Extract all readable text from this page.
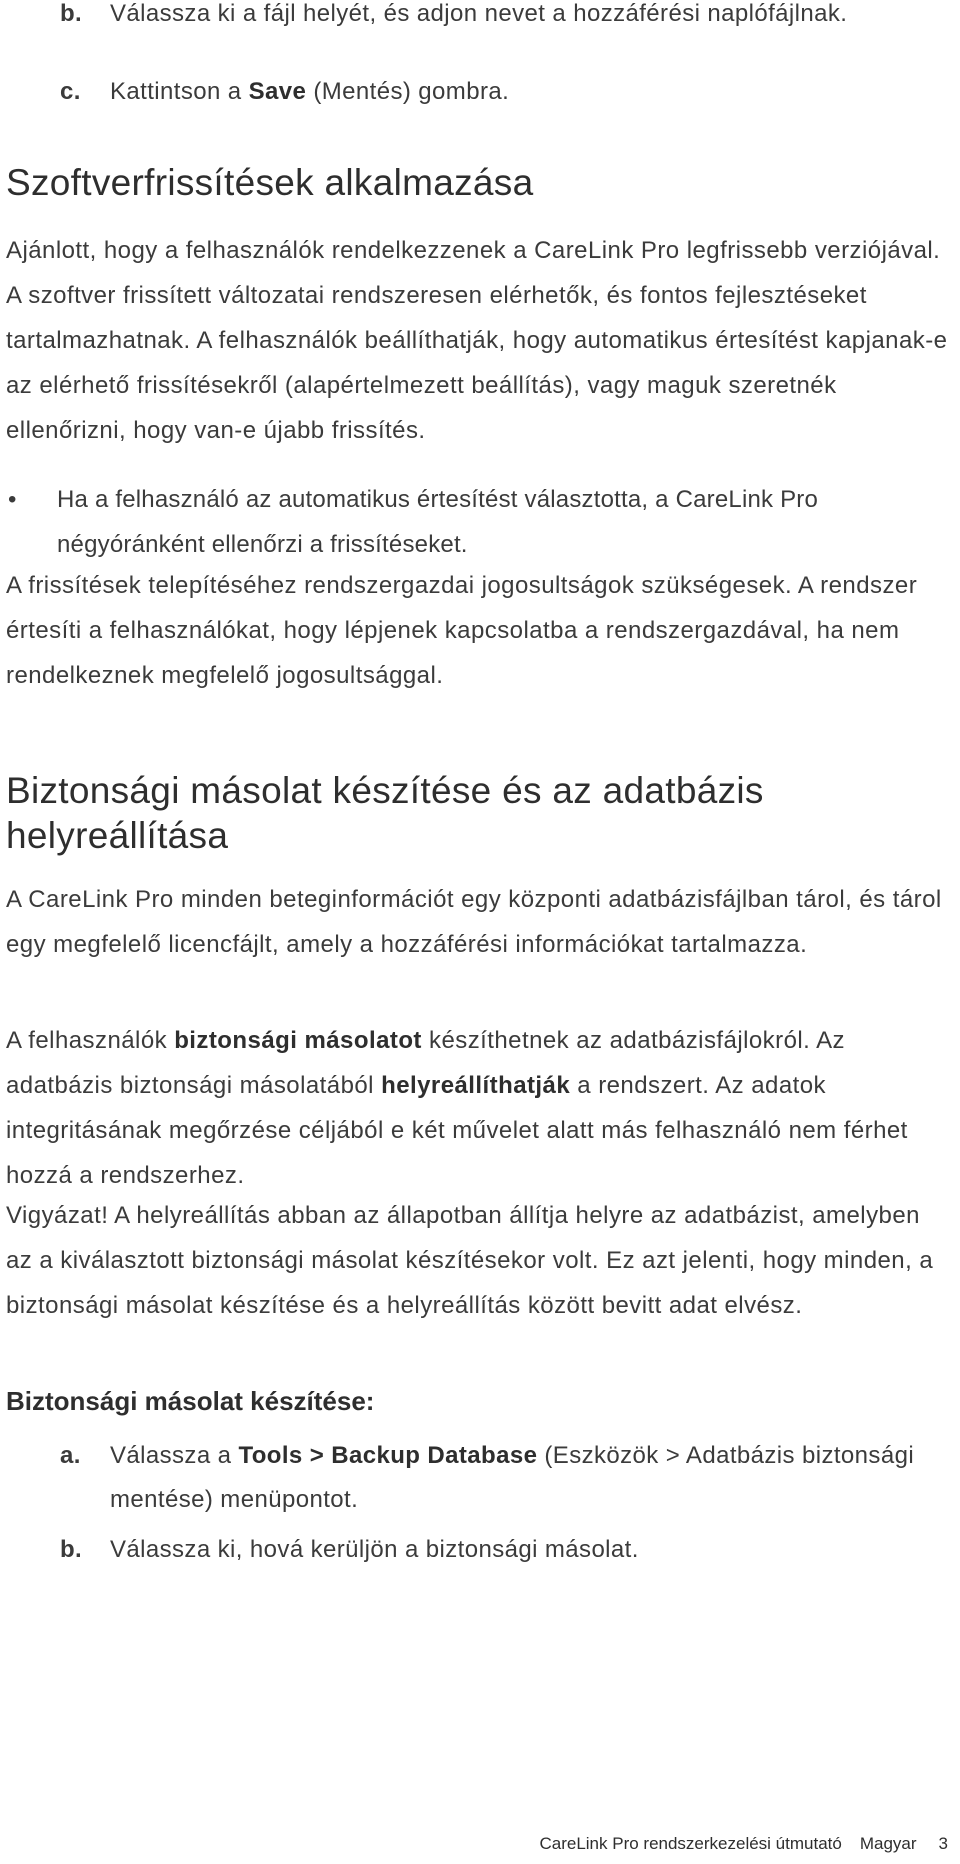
b. Válassza ki a fájl helyét, és adjon nevet a hozzáférési naplófájlnak.
c. Kattintson a Save (Mentés) gombra.
Szoftverfrissítések alkalmazása

Ajánlott, hogy a felhasználók rendelkezzenek a CareLink Pro legfrissebb verziójával. A szoftver frissített változatai rendszeresen elérhetők, és fontos fejlesztéseket tartalmazhatnak. A felhasználók beállíthatják, hogy automatikus értesítést kapjanak-e az elérhető frissítésekről (alapértelmezett beállítás), vagy maguk szeretnék ellenőrizni, hogy van-e újabb frissítés.

• Ha a felhasználó az automatikus értesítést választotta, a CareLink Pro négyóránként ellenőrzi a frissítéseket.

A frissítések telepítéséhez rendszergazdai jogosultságok szükségesek. A rendszer értesíti a felhasználókat, hogy lépjenek kapcsolatba a rendszergazdával, ha nem rendelkeznek megfelelő jogosultsággal.

Biztonsági másolat készítése és az adatbázis helyreállítása

A CareLink Pro minden beteginformációt egy központi adatbázisfájlban tárol, és tárol egy megfelelő licencfájlt, amely a hozzáférési információkat tartalmazza.

A felhasználók biztonsági másolatot készíthetnek az adatbázisfájlokról. Az adatbázis biztonsági másolatából helyreállíthatják a rendszert. Az adatok integritásának megőrzése céljából e két művelet alatt más felhasználó nem férhet hozzá a rendszerhez.

Vigyázat! A helyreállítás abban az állapotban állítja helyre az adatbázist, amelyben az a kiválasztott biztonsági másolat készítésekor volt. Ez azt jelenti, hogy minden, a biztonsági másolat készítése és a helyreállítás között bevitt adat elvész.

Biztonsági másolat készítése:
a. Válassza a Tools > Backup Database (Eszközök > Adatbázis biztonsági mentése) menüpontot.
b. Válassza ki, hová kerüljön a biztonsági másolat.
CareLink Pro rendszerkezelési útmutató Magyar 3
